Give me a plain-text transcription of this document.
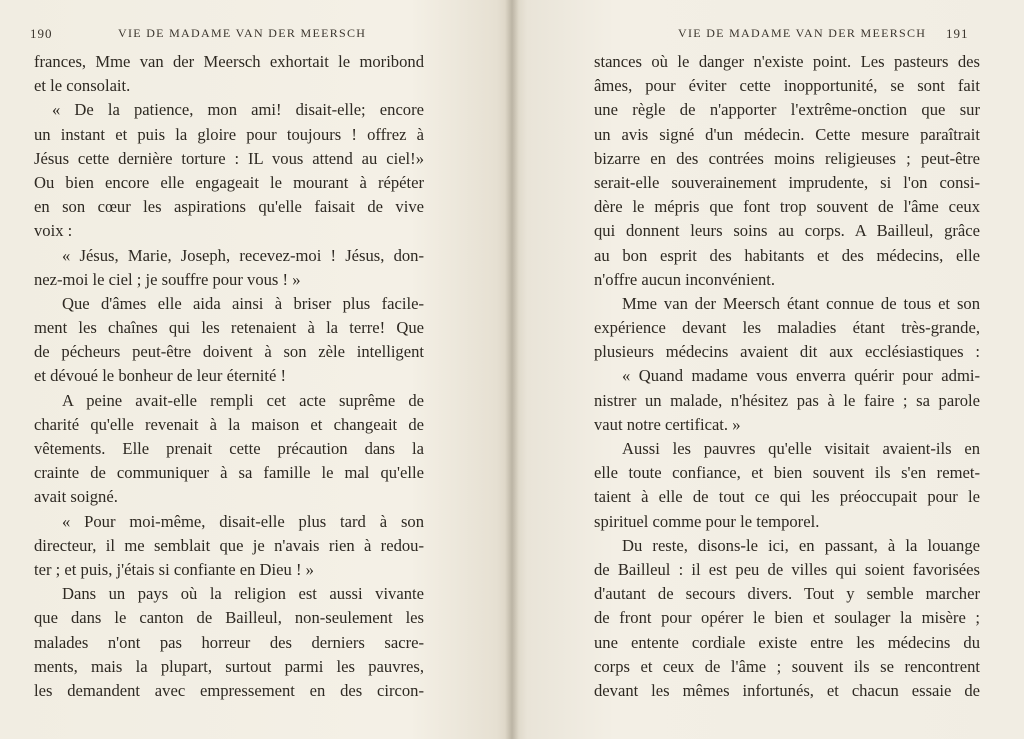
190	VIE DE MADAME VAN DER MEERSCH
frances, Mme van der Meersch exhortait le moribond
et le consolait.
« De la patience, mon ami! disait-elle; encore
un instant et puis la gloire pour toujours ! offrez à
Jésus cette dernière torture : IL vous attend au ciel!»
Ou bien encore elle engageait le mourant à répéter
en son cœur les aspirations qu'elle faisait de vive
voix :
« Jésus, Marie, Joseph, recevez-moi ! Jésus, don-
nez-moi le ciel ; je souffre pour vous ! »
Que d'âmes elle aida ainsi à briser plus facile-
ment les chaînes qui les retenaient à la terre! Que
de pécheurs peut-être doivent à son zèle intelligent
et dévoué le bonheur de leur éternité !
A peine avait-elle rempli cet acte suprême de
charité qu'elle revenait à la maison et changeait de
vêtements. Elle prenait cette précaution dans la
crainte de communiquer à sa famille le mal qu'elle
avait soigné.
« Pour moi-même, disait-elle plus tard à son
directeur, il me semblait que je n'avais rien à redou-
ter ; et puis, j'étais si confiante en Dieu ! »
Dans un pays où la religion est aussi vivante
que dans le canton de Bailleul, non-seulement les
malades n'ont pas horreur des derniers sacre-
ments, mais la plupart, surtout parmi les pauvres,
les demandent avec empressement en des circon-
VIE DE MADAME VAN DER MEERSCH 191
stances où le danger n'existe point. Les pasteurs des
âmes, pour éviter cette inopportunité, se sont fait
une règle de n'apporter l'extrême-onction que sur
un avis signé d'un médecin. Cette mesure paraîtrait
bizarre en des contrées moins religieuses ; peut-être
serait-elle souverainement imprudente, si l'on consi-
dère le mépris que font trop souvent de l'âme ceux
qui donnent leurs soins au corps. A Bailleul, grâce
au bon esprit des habitants et des médecins, elle
n'offre aucun inconvénient.
Mme van der Meersch étant connue de tous et son
expérience devant les maladies étant très-grande,
plusieurs médecins avaient dit aux ecclésiastiques :
« Quand madame vous enverra quérir pour admi-
nistrer un malade, n'hésitez pas à le faire ; sa parole
vaut notre certificat. »
Aussi les pauvres qu'elle visitait avaient-ils en
elle toute confiance, et bien souvent ils s'en remet-
taient à elle de tout ce qui les préoccupait pour le
spirituel comme pour le temporel.
Du reste, disons-le ici, en passant, à la louange
de Bailleul : il est peu de villes qui soient favorisées
d'autant de secours divers. Tout y semble marcher
de front pour opérer le bien et soulager la misère ;
une entente cordiale existe entre les médecins du
corps et ceux de l'âme ; souvent ils se rencontrent
devant les mêmes infortunés, et chacun essaie de
